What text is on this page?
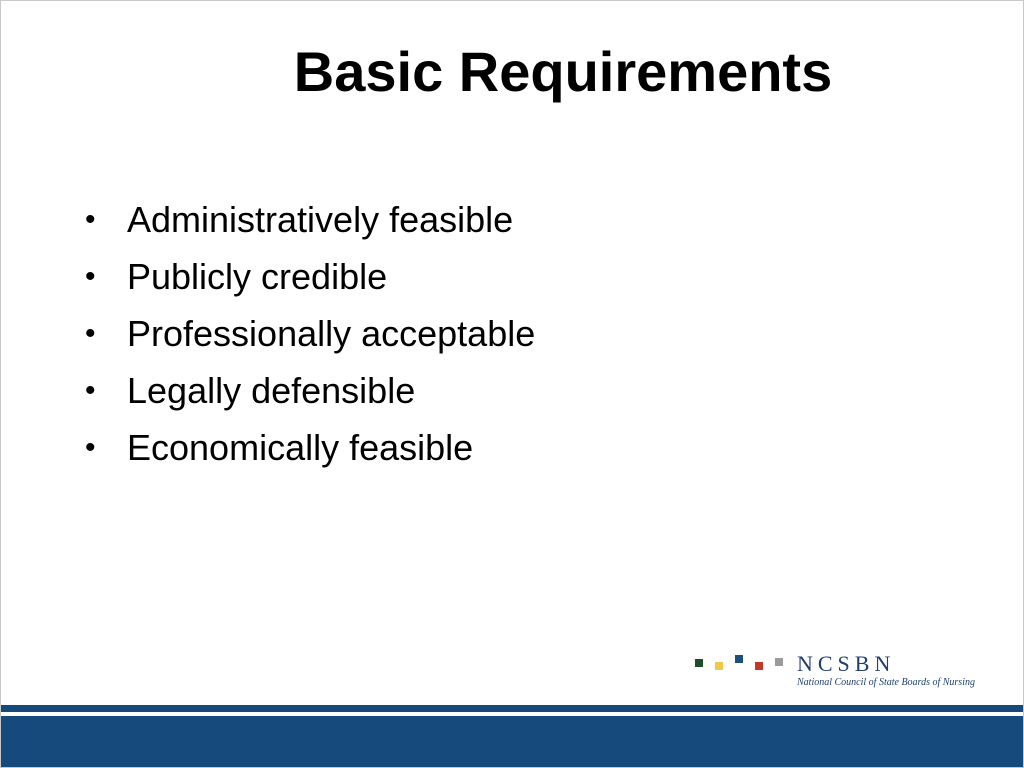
Basic Requirements
• Administratively feasible
• Publicly credible
• Professionally acceptable
• Legally defensible
• Economically feasible
NCSBN
National Council of State Boards of Nursing
